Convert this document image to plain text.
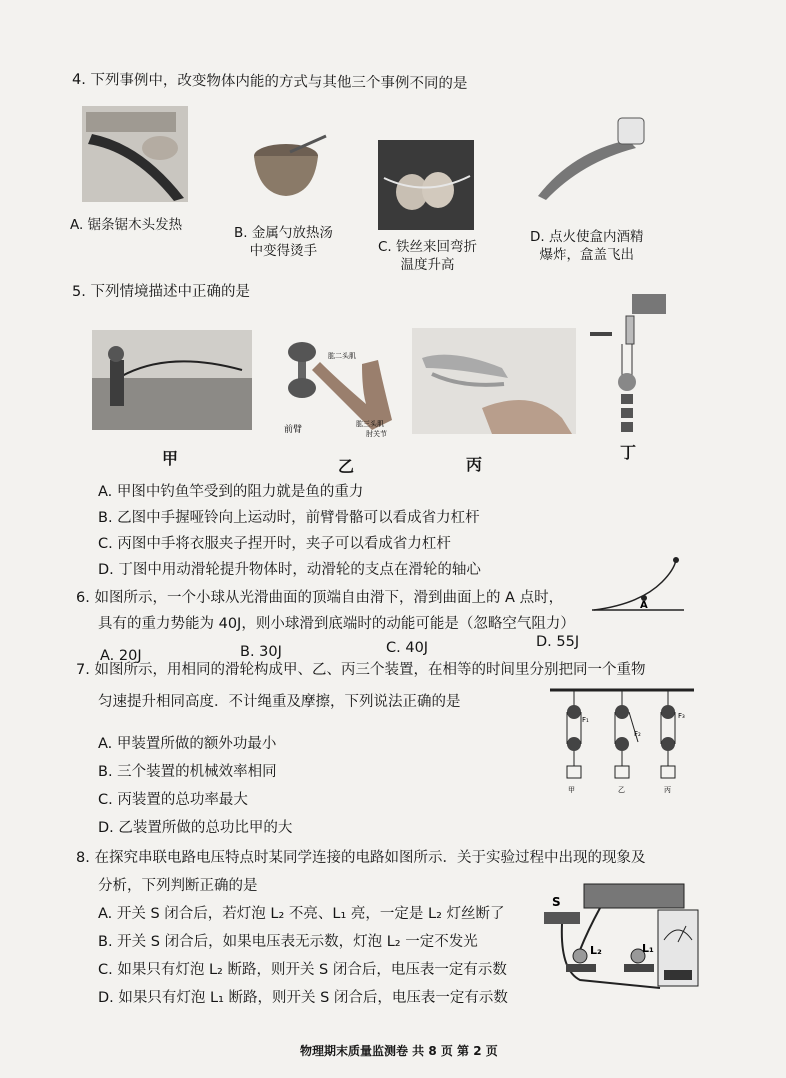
4. 下列事例中，改变物体内能的方式与其他三个事例不同的是
A. 锯条锯木头发热	B. 金属勺放热汤
中变得烫手	C. 铁丝来回弯折
温度升高
D. 点火使盒内酒精
爆炸，盒盖飞出
5. 下列情境描述中正确的是
甲
肱二头肌
前臂
肱三头肌
肘关节
乙	丙
丁
A. 甲图中钓鱼竿受到的阻力就是鱼的重力
B. 乙图中手握哑铃向上运动时，前臂骨骼可以看成省力杠杆
C. 丙图中手将衣服夹子捏开时，夹子可以看成省力杠杆
D. 丁图中用动滑轮提升物体时，动滑轮的支点在滑轮的轴心
6. 如图所示，一个小球从光滑曲面的顶端自由滑下，滑到曲面上的 A 点时，
具有的重力势能为 40J，则小球滑到底端时的动能可能是（忽略空气阻力）
A. 20J	B. 30J	C. 40J	D. 55J
A
7. 如图所示，用相同的滑轮构成甲、乙、丙三个装置，在相等的时间里分别把同一个重物
匀速提升相同高度．不计绳重及摩擦，下列说法正确的是
A. 甲装置所做的额外功最小
B. 三个装置的机械效率相同
C. 丙装置的总功率最大
D. 乙装置所做的总功比甲的大
F₁
甲
F₂
乙
F₃
丙
8. 在探究串联电路电压特点时某同学连接的电路如图所示．关于实验过程中出现的现象及
分析，下列判断正确的是
A. 开关 S 闭合后，若灯泡 L₂ 不亮、L₁ 亮，一定是 L₂ 灯丝断了
B. 开关 S 闭合后，如果电压表无示数，灯泡 L₂ 一定不发光
C. 如果只有灯泡 L₂ 断路，则开关 S 闭合后，电压表一定有示数
D. 如果只有灯泡 L₁ 断路，则开关 S 闭合后，电压表一定有示数
S
L₂	L₁
物理期末质量监测卷 共 8 页 第 2 页
